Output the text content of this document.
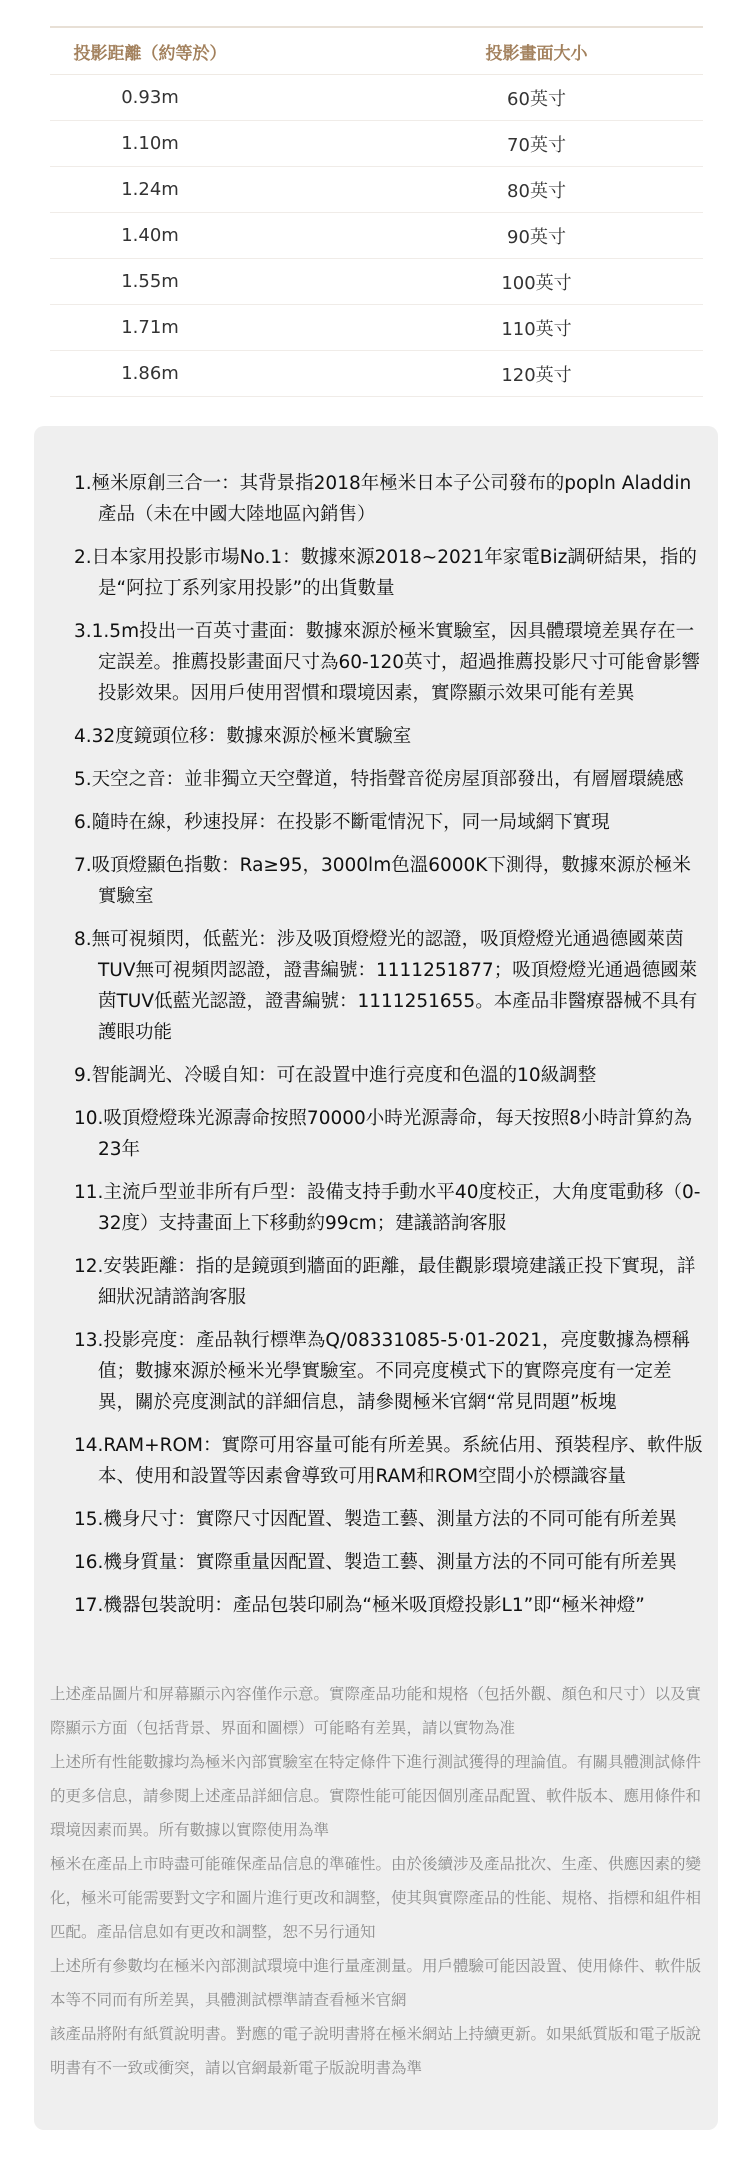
投影距離（約等於）	投影畫面大小
0.93m	60英寸
1.10m	70英寸
1.24m	80英寸
1.40m	90英寸
1.55m	100英寸
1.71m	110英寸
1.86m	120英寸
1.極米原創三合一：其背景指2018年極米日本子公司發布的popln Aladdin產品（未在中國大陸地區內銷售）
2.日本家用投影市場No.1：數據來源2018~2021年家電Biz調研結果，指的是“阿拉丁系列家用投影”的出貨數量
3.1.5m投出一百英寸畫面：數據來源於極米實驗室，因具體環境差異存在一定誤差。推薦投影畫面尺寸為60-120英寸，超過推薦投影尺寸可能會影響投影效果。因用戶使用習慣和環境因素，實際顯示效果可能有差異
4.32度鏡頭位移：數據來源於極米實驗室
5.天空之音：並非獨立天空聲道，特指聲音從房屋頂部發出，有層層環繞感
6.隨時在線，秒速投屏：在投影不斷電情況下，同一局域網下實現
7.吸頂燈顯色指數：Ra≥95，3000lm色溫6000K下測得，數據來源於極米實驗室
8.無可視頻閃，低藍光：涉及吸頂燈燈光的認證，吸頂燈燈光通過德國萊茵TUV無可視頻閃認證，證書編號：1111251877；吸頂燈燈光通過德國萊茵TUV低藍光認證，證書編號：1111251655。本產品非醫療器械不具有護眼功能
9.智能調光、冷暖自知：可在設置中進行亮度和色溫的10級調整
10.吸頂燈燈珠光源壽命按照70000小時光源壽命，每天按照8小時計算約為23年
11.主流戶型並非所有戶型：設備支持手動水平40度校正，大角度電動移（0-32度）支持畫面上下移動約99cm；建議諮詢客服
12.安裝距離：指的是鏡頭到牆面的距離，最佳觀影環境建議正投下實現，詳細狀況請諮詢客服
13.投影亮度：產品執行標準為Q/08331085-5·01-2021，亮度數據為標稱值；數據來源於極米光學實驗室。不同亮度模式下的實際亮度有一定差異，關於亮度測試的詳細信息，請參閱極米官網“常見問題”板塊
14.RAM+ROM：實際可用容量可能有所差異。系統佔用、預裝程序、軟件版本、使用和設置等因素會導致可用RAM和ROM空間小於標識容量
15.機身尺寸：實際尺寸因配置、製造工藝、測量方法的不同可能有所差異
16.機身質量：實際重量因配置、製造工藝、測量方法的不同可能有所差異
17.機器包裝說明：產品包裝印刷為“極米吸頂燈投影L1”即“極米神燈”

上述產品圖片和屏幕顯示內容僅作示意。實際產品功能和規格（包括外觀、顏色和尺寸）以及實際顯示方面（包括背景、界面和圖標）可能略有差異，請以實物為准

上述所有性能數據均為極米內部實驗室在特定條件下進行測試獲得的理論值。有關具體測試條件的更多信息，請參閱上述產品詳細信息。實際性能可能因個別產品配置、軟件版本、應用條件和環境因素而異。所有數據以實際使用為準

極米在產品上市時盡可能確保產品信息的準確性。由於後續涉及產品批次、生產、供應因素的變化，極米可能需要對文字和圖片進行更改和調整，使其與實際產品的性能、規格、指標和組件相匹配。產品信息如有更改和調整，恕不另行通知

上述所有參數均在極米內部測試環境中進行量產測量。用戶體驗可能因設置、使用條件、軟件版本等不同而有所差異，具體測試標準請查看極米官網

該產品將附有紙質說明書。對應的電子說明書將在極米網站上持續更新。如果紙質版和電子版說明書有不一致或衝突，請以官網最新電子版說明書為準
